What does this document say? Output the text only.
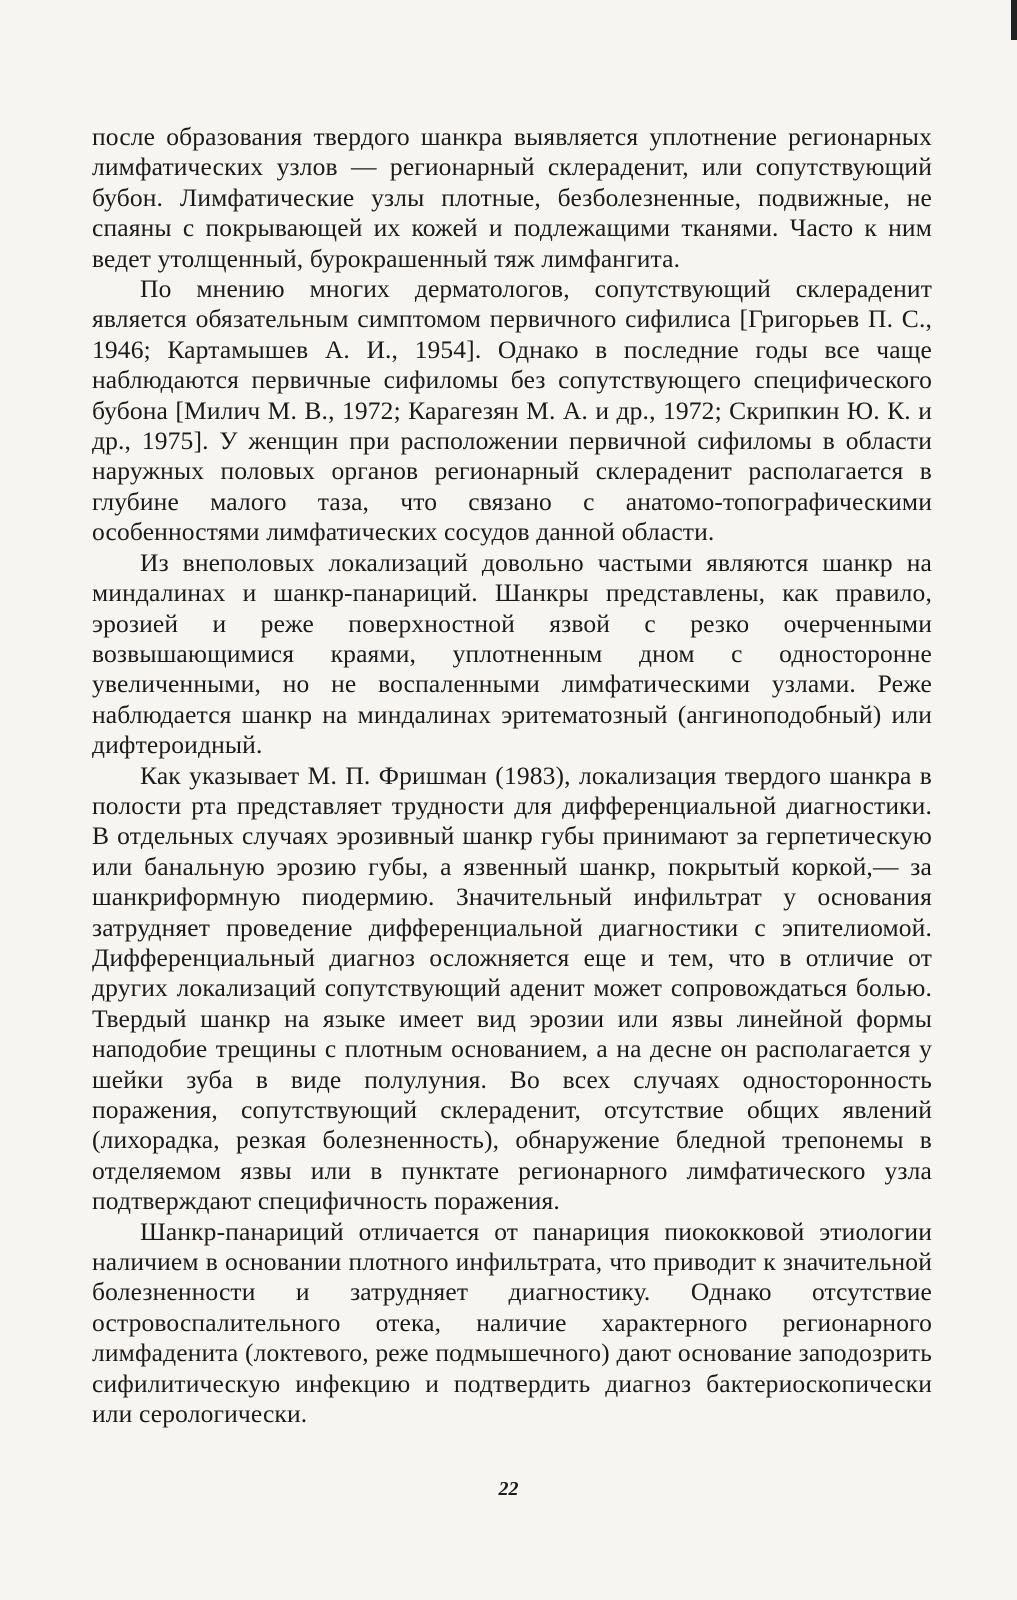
после образования твердого шанкра выявляется уплотнение регионарных лимфатических узлов — регионарный склераденит, или сопутствующий бубон. Лимфатические узлы плотные, безболезненные, подвижные, не спаяны с покрывающей их кожей и подлежащими тканями. Часто к ним ведет утолщенный, бурокрашенный тяж лимфангита.

По мнению многих дерматологов, сопутствующий склераденит является обязательным симптомом первичного сифилиса [Григорьев П. С., 1946; Картамышев А. И., 1954]. Однако в последние годы все чаще наблюдаются первичные сифиломы без сопутствующего специфического бубона [Милич М. В., 1972; Карагезян М. А. и др., 1972; Скрипкин Ю. К. и др., 1975]. У женщин при расположении первичной сифиломы в области наружных половых органов регионарный склераденит располагается в глубине малого таза, что связано с анатомо-топографическими особенностями лимфатических сосудов данной области.

Из внеполовых локализаций довольно частыми являются шанкр на миндалинах и шанкр-панариций. Шанкры представлены, как правило, эрозией и реже поверхностной язвой с резко очерченными возвышающимися краями, уплотненным дном с односторонне увеличенными, но не воспаленными лимфатическими узлами. Реже наблюдается шанкр на миндалинах эритематозный (ангиноподобный) или дифтероидный.

Как указывает М. П. Фришман (1983), локализация твердого шанкра в полости рта представляет трудности для дифференциальной диагностики. В отдельных случаях эрозивный шанкр губы принимают за герпетическую или банальную эрозию губы, а язвенный шанкр, покрытый коркой,— за шанкриформную пиодермию. Значительный инфильтрат у основания затрудняет проведение дифференциальной диагностики с эпителиомой. Дифференциальный диагноз осложняется еще и тем, что в отличие от других локализаций сопутствующий аденит может сопровождаться болью. Твердый шанкр на языке имеет вид эрозии или язвы линейной формы наподобие трещины с плотным основанием, а на десне он располагается у шейки зуба в виде полулуния. Во всех случаях односторонность поражения, сопутствующий склераденит, отсутствие общих явлений (лихорадка, резкая болезненность), обнаружение бледной трепонемы в отделяемом язвы или в пунктате регионарного лимфатического узла подтверждают специфичность поражения.

Шанкр-панариций отличается от панариция пиококковой этиологии наличием в основании плотного инфильтрата, что приводит к значительной болезненности и затрудняет диагностику. Однако отсутствие островоспалительного отека, наличие характерного регионарного лимфаденита (локтевого, реже подмышечного) дают основание заподозрить сифилитическую инфекцию и подтвердить диагноз бактериоскопически или серологически.

22
